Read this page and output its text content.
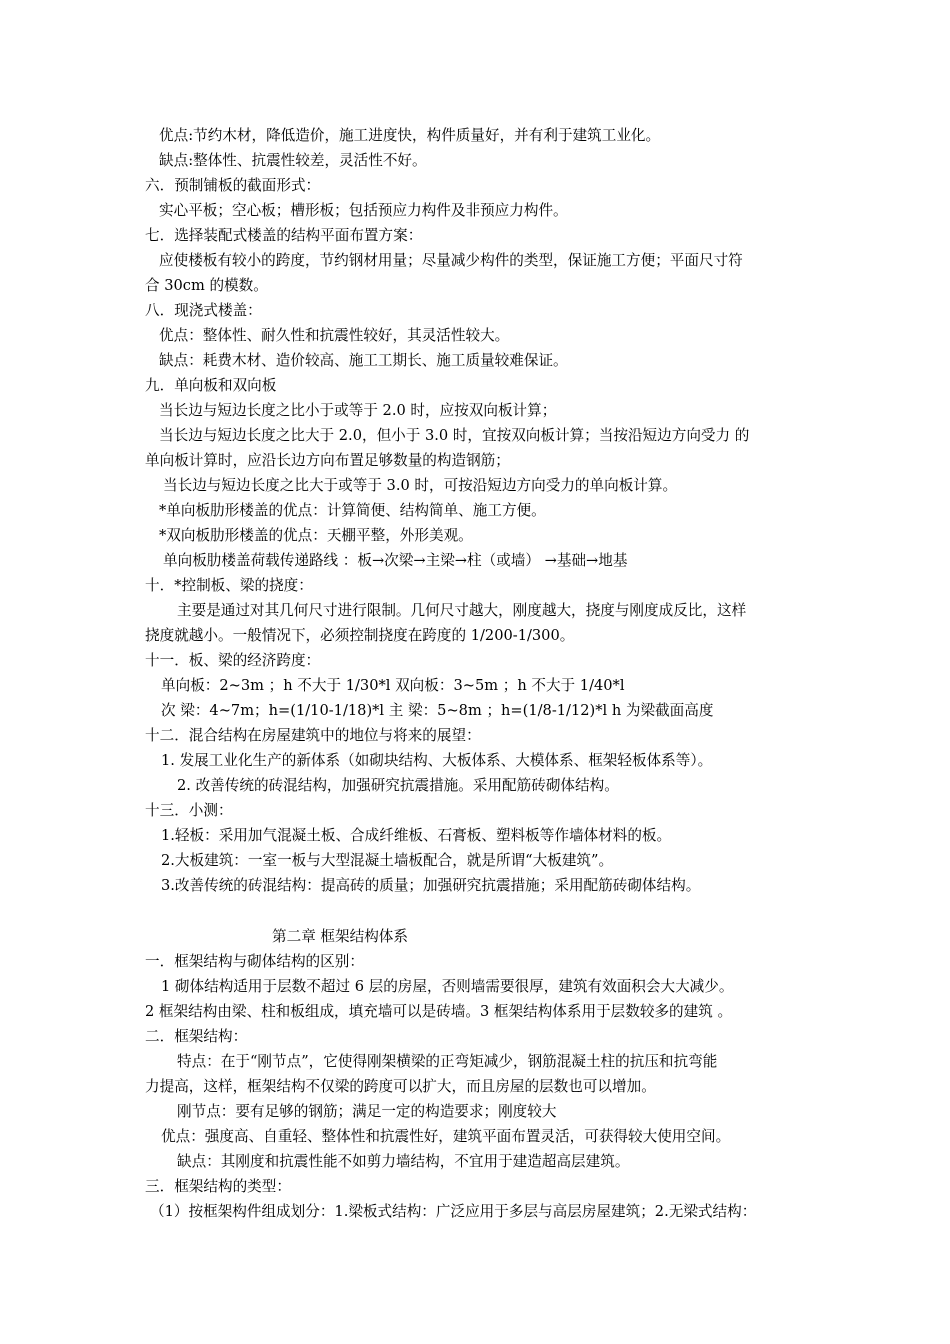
优点:节约木材，降低造价，施工进度快，构件质量好，并有利于建筑工业化。
缺点:整体性、抗震性较差，灵活性不好。
六．预制铺板的截面形式：
实心平板；空心板；槽形板；包括预应力构件及非预应力构件。
七．选择装配式楼盖的结构平面布置方案：
应使楼板有较小的跨度，节约钢材用量；尽量减少构件的类型，保证施工方便；平面尺寸符
合 30cm 的模数。
八．现浇式楼盖：
优点：整体性、耐久性和抗震性较好，其灵活性较大。
缺点：耗费木材、造价较高、施工工期长、施工质量较难保证。
九．单向板和双向板
当长边与短边长度之比小于或等于 2.0 时，应按双向板计算；
当长边与短边长度之比大于 2.0，但小于 3.0 时，宜按双向板计算；当按沿短边方向受力 的
单向板计算时，应沿长边方向布置足够数量的构造钢筋；
当长边与短边长度之比大于或等于 3.0 时，可按沿短边方向受力的单向板计算。
*单向板肋形楼盖的优点：计算简便、结构简单、施工方便。
*双向板肋形楼盖的优点：天棚平整，外形美观。
单向板肋楼盖荷载传递路线 ：板→次梁→主梁→柱（或墙） →基础→地基
十．*控制板、梁的挠度：
主要是通过对其几何尺寸进行限制。几何尺寸越大，刚度越大，挠度与刚度成反比，这样
挠度就越小。一般情况下，必须控制挠度在跨度的 1/200-1/300。
十一．板、梁的经济跨度：
单向板：2~3m ；h 不大于 1/30*l 双向板：3~5m ；h 不大于 1/40*l
次 梁：4~7m；h=(1/10-1/18)*l 主 梁：5~8m ；h=(1/8-1/12)*l h 为梁截面高度
十二．混合结构在房屋建筑中的地位与将来的展望：
1. 发展工业化生产的新体系（如砌块结构、大板体系、大模体系、框架轻板体系等）。
2. 改善传统的砖混结构，加强研究抗震措施。采用配筋砖砌体结构。
十三．小测：
1.轻板：采用加气混凝土板、合成纤维板、石膏板、塑料板等作墙体材料的板。
2.大板建筑：一室一板与大型混凝土墙板配合，就是所谓“大板建筑”。
3.改善传统的砖混结构：提高砖的质量；加强研究抗震措施；采用配筋砖砌体结构。
第二章 框架结构体系
一．框架结构与砌体结构的区别：
1 砌体结构适用于层数不超过 6 层的房屋，否则墙需要很厚，建筑有效面积会大大减少。
2 框架结构由梁、柱和板组成，填充墙可以是砖墙。3 框架结构体系用于层数较多的建筑 。
二．框架结构：
特点：在于“刚节点”，它使得刚架横梁的正弯矩减少，钢筋混凝土柱的抗压和抗弯能
力提高，这样，框架结构不仅梁的跨度可以扩大，而且房屋的层数也可以增加。
刚节点：要有足够的钢筋；满足一定的构造要求；刚度较大
优点：强度高、自重轻、整体性和抗震性好，建筑平面布置灵活，可获得较大使用空间。
缺点：其刚度和抗震性能不如剪力墙结构，不宜用于建造超高层建筑。
三．框架结构的类型：
（1）按框架构件组成划分：1.梁板式结构：广泛应用于多层与高层房屋建筑；2.无梁式结构：
